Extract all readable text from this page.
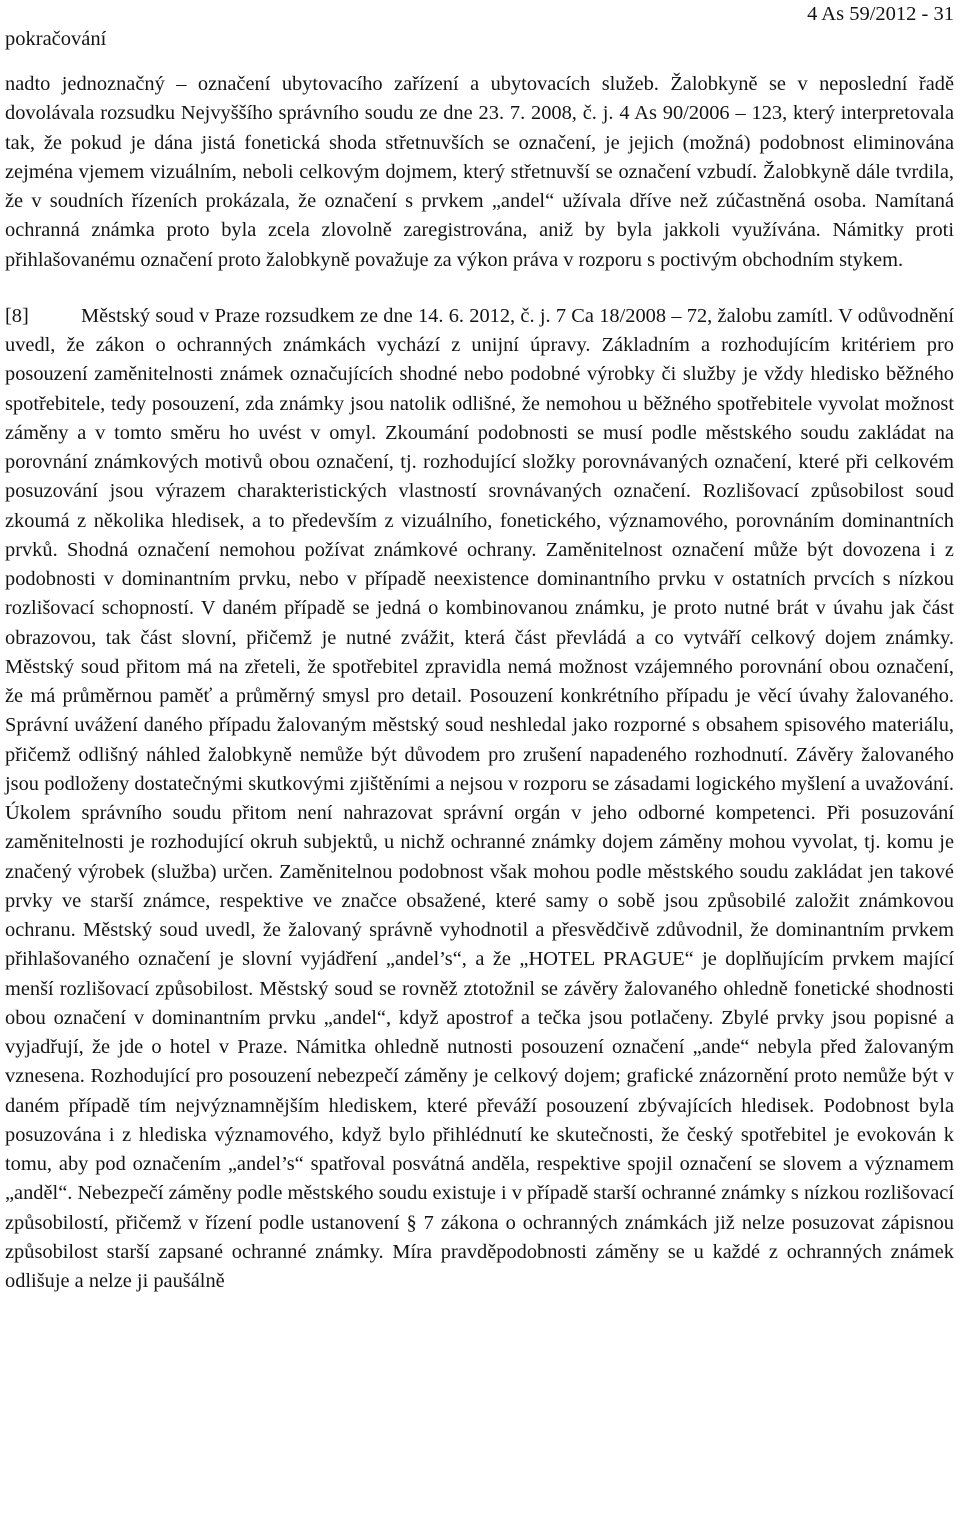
pokračování
4 As 59/2012 - 31

nadto jednoznačný – označení ubytovacího zařízení a ubytovacích služeb. Žalobkyně se v neposlední řadě dovolávala rozsudku Nejvyššího správního soudu ze dne 23. 7. 2008, č. j. 4 As 90/2006 – 123, který interpretovala tak, že pokud je dána jistá fonetická shoda střetnuvších se označení, je jejich (možná) podobnost eliminována zejména vjemem vizuálním, neboli celkovým dojmem, který střetnuvší se označení vzbudí. Žalobkyně dále tvrdila, že v soudních řízeních prokázala, že označení s prvkem „andel“ užívala dříve než zúčastněná osoba. Namítaná ochranná známka proto byla zcela zlovolně zaregistrována, aniž by byla jakkoli využívána. Námitky proti přihlašovanému označení proto žalobkyně považuje za výkon práva v rozporu s poctivým obchodním stykem.

[8]	Městský soud v Praze rozsudkem ze dne 14. 6. 2012, č. j. 7 Ca 18/2008 – 72, žalobu zamítl. V odůvodnění uvedl, že zákon o ochranných známkách vychází z unijní úpravy. Základním a rozhodujícím kritériem pro posouzení zaměnitelnosti známek označujících shodné nebo podobné výrobky či služby je vždy hledisko běžného spotřebitele, tedy posouzení, zda známky jsou natolik odlišné, že nemohou u běžného spotřebitele vyvolat možnost záměny a v tomto směru ho uvést v omyl. Zkoumání podobnosti se musí podle městského soudu zakládat na porovnání známkových motivů obou označení, tj. rozhodující složky porovnávaných označení, které při celkovém posuzování jsou výrazem charakteristických vlastností srovnávaných označení. Rozlišovací způsobilost soud zkoumá z několika hledisek, a to především z vizuálního, fonetického, významového, porovnáním dominantních prvků. Shodná označení nemohou požívat známkové ochrany. Zaměnitelnost označení může být dovozena i z podobnosti v dominantním prvku, nebo v případě neexistence dominantního prvku v ostatních prvcích s nízkou rozlišovací schopností. V daném případě se jedná o kombinovanou známku, je proto nutné brát v úvahu jak část obrazovou, tak část slovní, přičemž je nutné zvážit, která část převládá a co vytváří celkový dojem známky. Městský soud přitom má na zřeteli, že spotřebitel zpravidla nemá možnost vzájemného porovnání obou označení, že má průměrnou paměť a průměrný smysl pro detail. Posouzení konkrétního případu je věcí úvahy žalovaného. Správní uvážení daného případu žalovaným městský soud neshledal jako rozporné s obsahem spisového materiálu, přičemž odlišný náhled žalobkyně nemůže být důvodem pro zrušení napadeného rozhodnutí. Závěry žalovaného jsou podloženy dostatečnými skutkovými zjištěními a nejsou v rozporu se zásadami logického myšlení a uvažování. Úkolem správního soudu přitom není nahrazovat správní orgán v jeho odborné kompetenci. Při posuzování zaměnitelnosti je rozhodující okruh subjektů, u nichž ochranné známky dojem záměny mohou vyvolat, tj. komu je značený výrobek (služba) určen. Zaměnitelnou podobnost však mohou podle městského soudu zakládat jen takové prvky ve starší známce, respektive ve značce obsažené, které samy o sobě jsou způsobilé založit známkovou ochranu. Městský soud uvedl, že žalovaný správně vyhodnotil a přesvědčivě zdůvodnil, že dominantním prvkem přihlašovaného označení je slovní vyjádření „andel’s“, a že „HOTEL PRAGUE“ je doplňujícím prvkem mající menší rozlišovací způsobilost. Městský soud se rovněž ztotožnil se závěry žalovaného ohledně fonetické shodnosti obou označení v dominantním prvku „andel“, když apostrof a tečka jsou potlačeny. Zbylé prvky jsou popisné a vyjadřují, že jde o hotel v Praze. Námitka ohledně nutnosti posouzení označení „ande“ nebyla před žalovaným vznesena. Rozhodující pro posouzení nebezpečí záměny je celkový dojem; grafické znázornění proto nemůže být v daném případě tím nejvýznamnějším hlediskem, které převáží posouzení zbývajících hledisek. Podobnost byla posuzována i z hlediska významového, když bylo přihlédnutí ke skutečnosti, že český spotřebitel je evokován k tomu, aby pod označením „andel’s“ spatřoval posvátná anděla, respektive spojil označení se slovem a významem „anděl“. Nebezpečí záměny podle městského soudu existuje i v případě starší ochranné známky s nízkou rozlišovací způsobilostí, přičemž v řízení podle ustanovení § 7 zákona o ochranných známkách již nelze posuzovat zápisnou způsobilost starší zapsané ochranné známky. Míra pravděpodobnosti záměny se u každé z ochranných známek odlišuje a nelze ji paušálně
